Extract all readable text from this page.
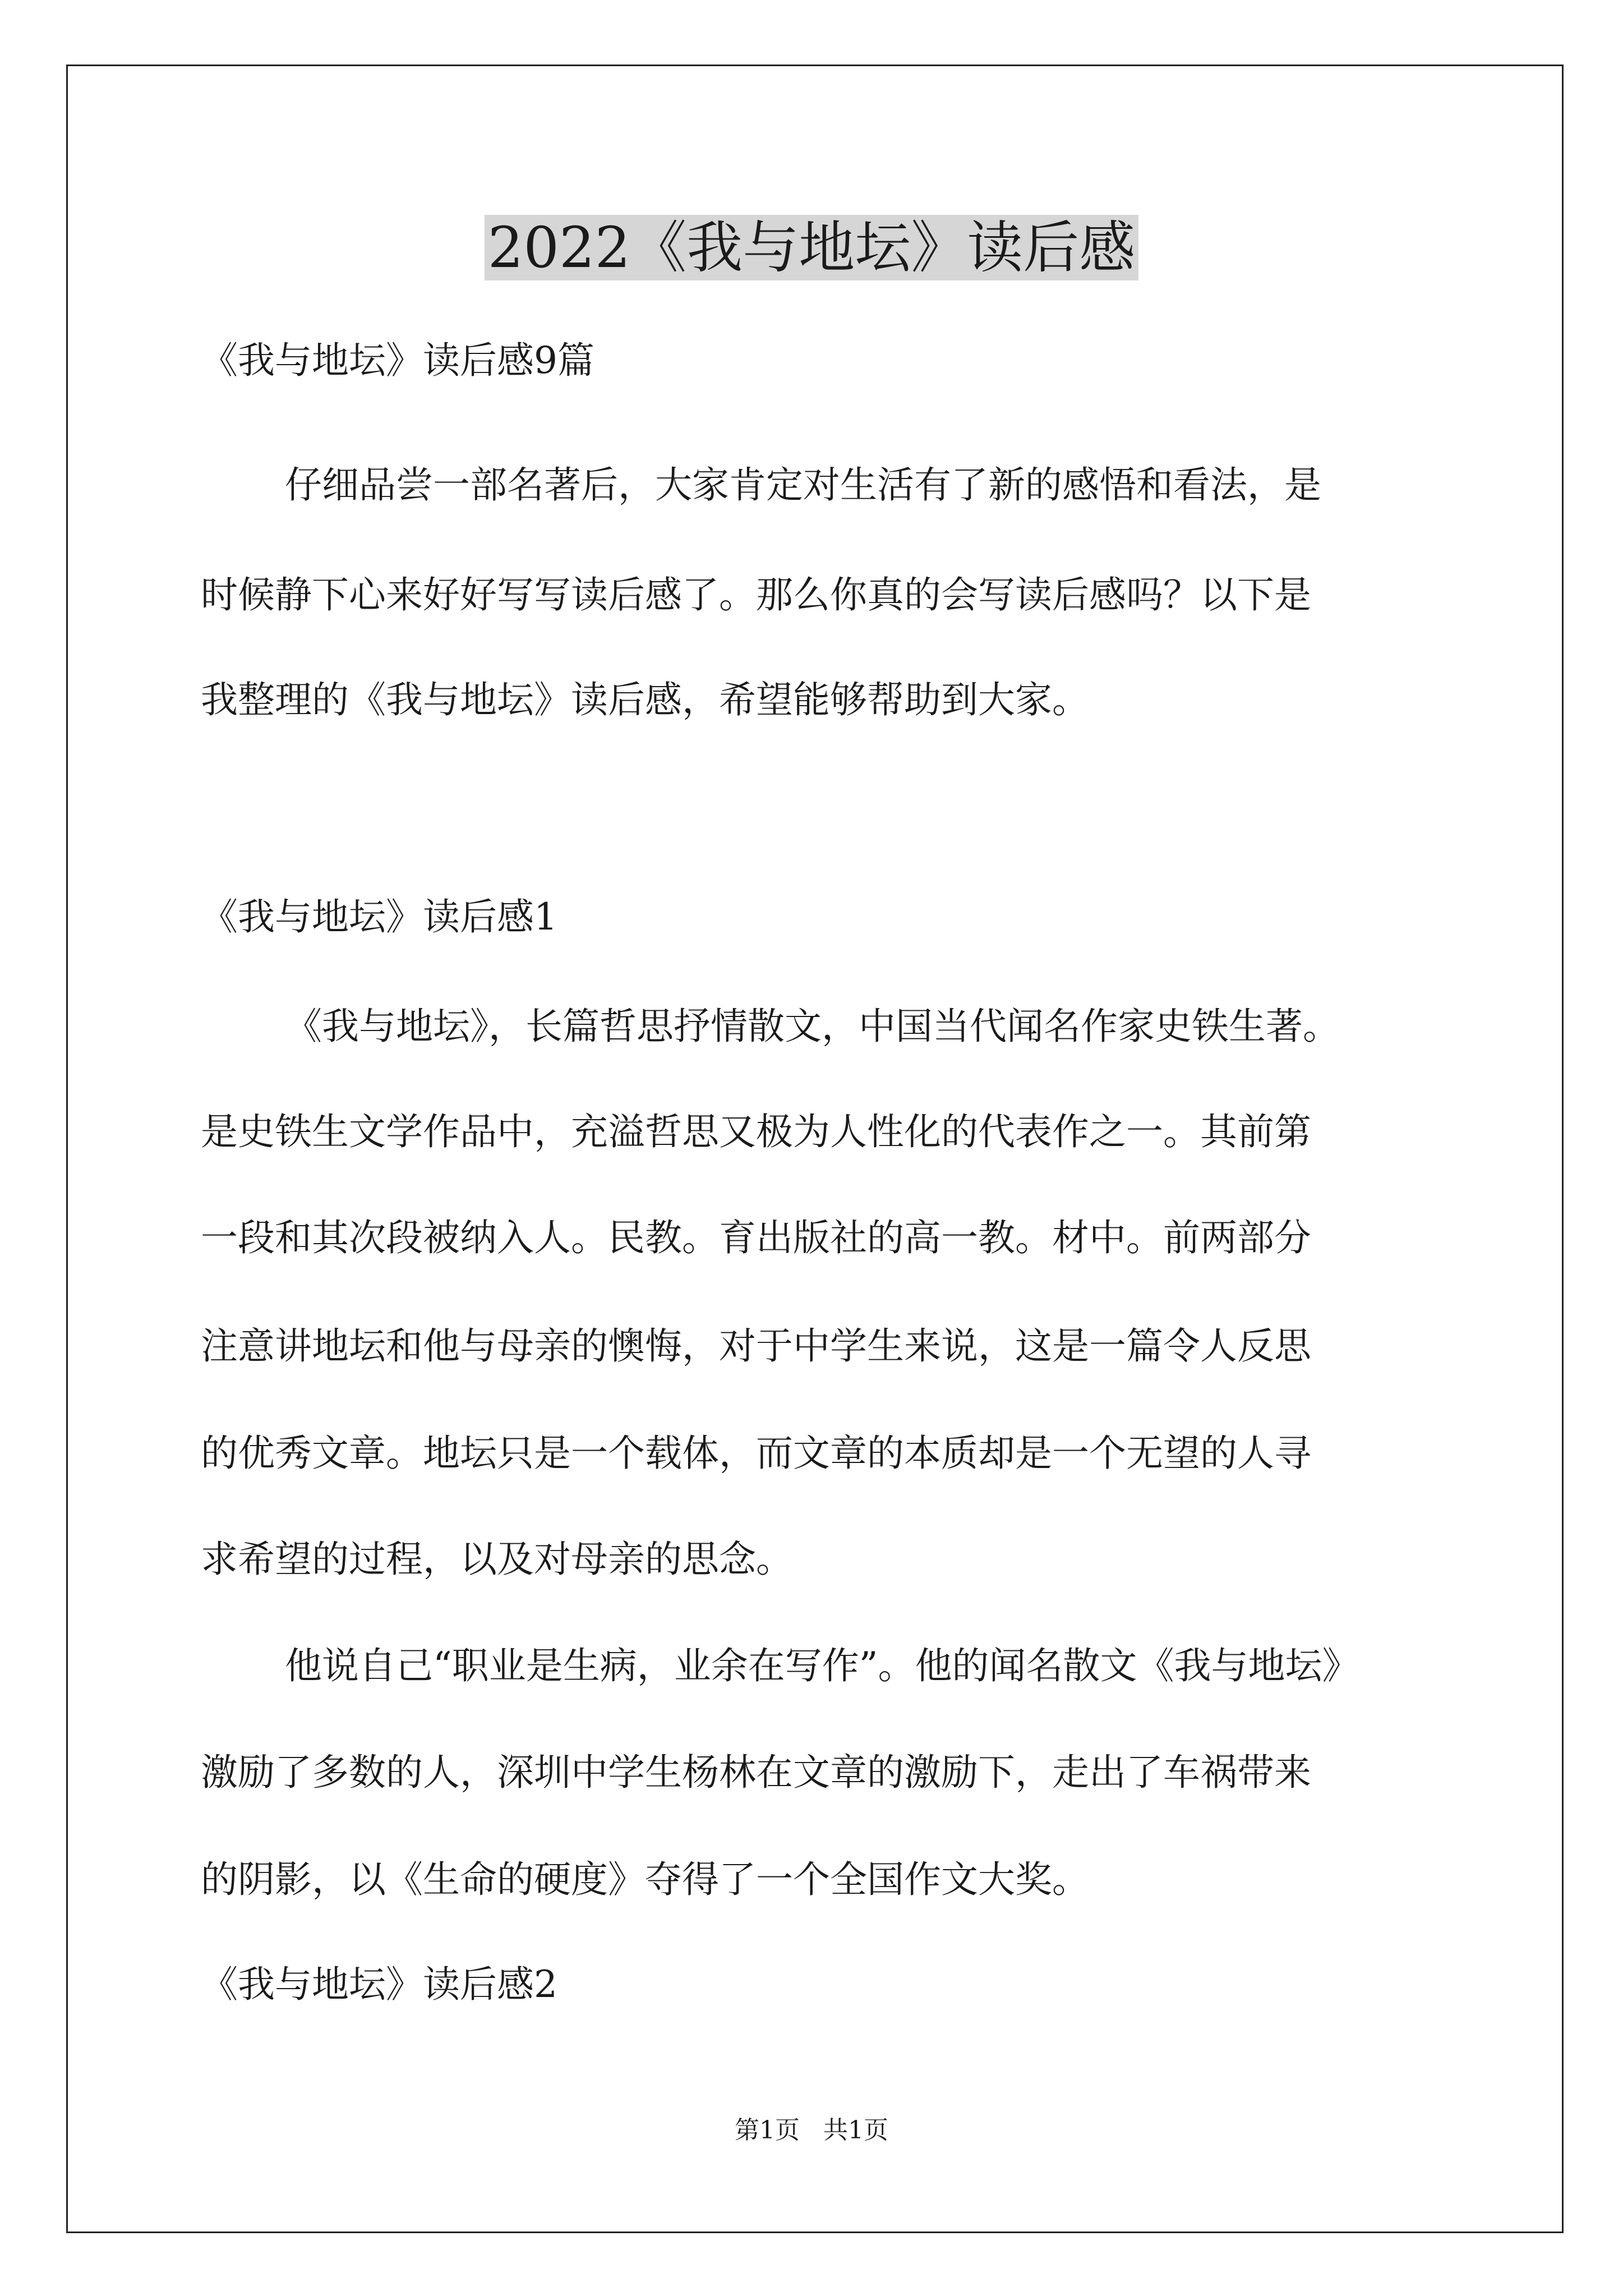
2022《我与地坛》读后感

《我与地坛》读后感9篇

仔细品尝一部名著后，大家肯定对生活有了新的感悟和看法，是

时候静下心来好好写写读后感了。那么你真的会写读后感吗？以下是

我整理的《我与地坛》读后感，希望能够帮助到大家。

《我与地坛》读后感1

《我与地坛》，长篇哲思抒情散文，中国当代闻名作家史铁生著。

是史铁生文学作品中，充溢哲思又极为人性化的代表作之一。其前第

一段和其次段被纳入人。民教。育出版社的高一教。材中。前两部分

注意讲地坛和他与母亲的懊悔，对于中学生来说，这是一篇令人反思

的优秀文章。地坛只是一个载体，而文章的本质却是一个无望的人寻

求希望的过程，以及对母亲的思念。

他说自己“职业是生病，业余在写作”。他的闻名散文《我与地坛》

激励了多数的人，深圳中学生杨林在文章的激励下，走出了车祸带来

的阴影，以《生命的硬度》夺得了一个全国作文大奖。

《我与地坛》读后感2

第1页   共1页
